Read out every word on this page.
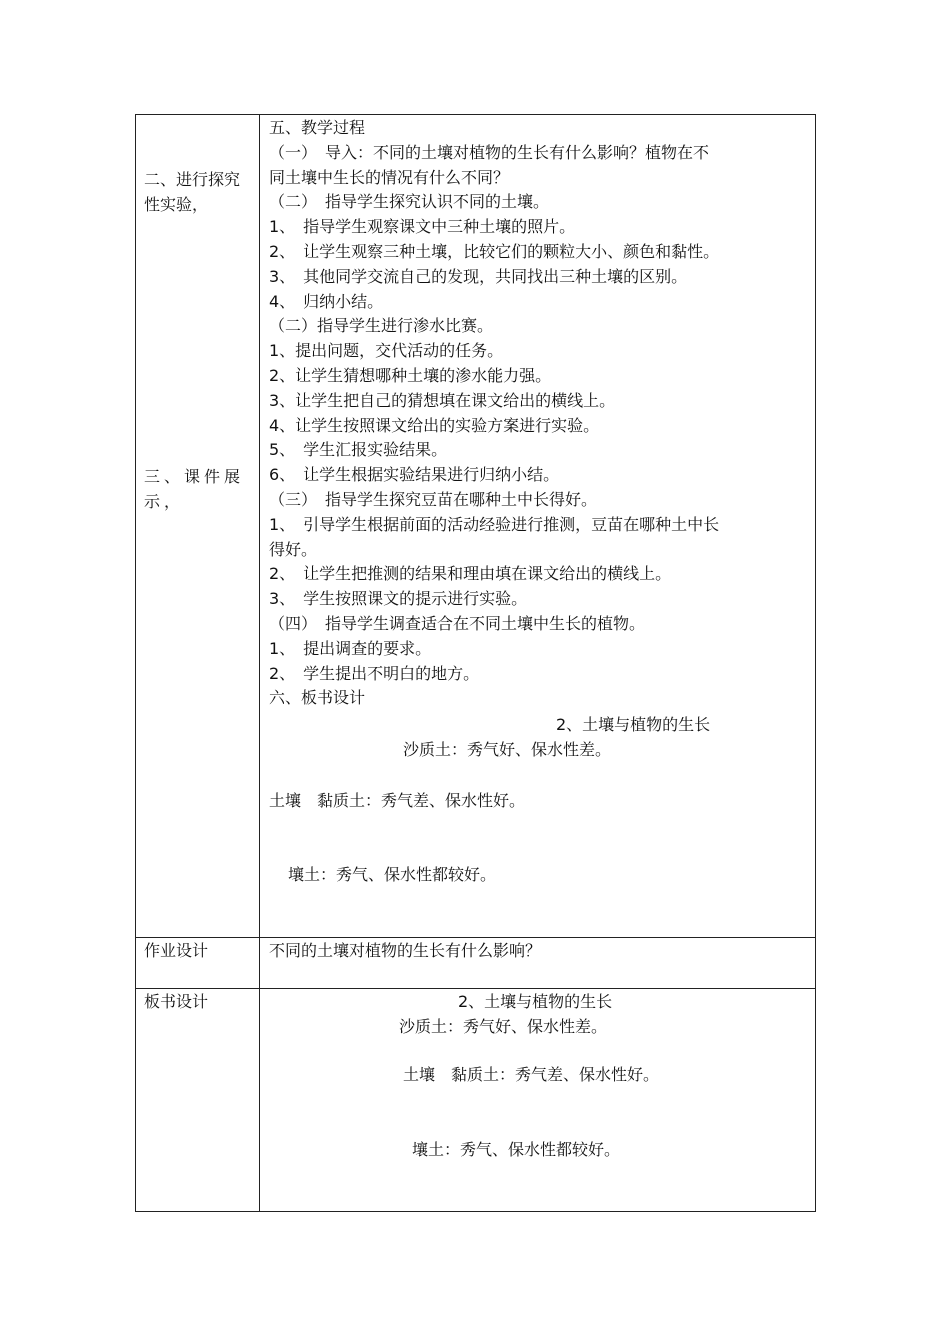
二、进行探究
性实验，
三、课件展
示，
作业设计
板书设计
五、教学过程
（一）　导入：不同的土壤对植物的生长有什么影响？植物在不
同土壤中生长的情况有什么不同？
（二）　指导学生探究认识不同的土壤。
1、　指导学生观察课文中三种土壤的照片。
2、　让学生观察三种土壤，比较它们的颗粒大小、颜色和黏性。
3、　其他同学交流自己的发现，共同找出三种土壤的区别。
4、　归纳小结。
（二）指导学生进行渗水比赛。
1、提出问题，交代活动的任务。
2、让学生猜想哪种土壤的渗水能力强。
3、让学生把自己的猜想填在课文给出的横线上。
4、让学生按照课文给出的实验方案进行实验。
5、　学生汇报实验结果。
6、　让学生根据实验结果进行归纳小结。
（三）　指导学生探究豆苗在哪种土中长得好。
1、　引导学生根据前面的活动经验进行推测，豆苗在哪种土中长
得好。
2、　让学生把推测的结果和理由填在课文给出的横线上。
3、　学生按照课文的提示进行实验。
（四）　指导学生调查适合在不同土壤中生长的植物。
1、　提出调查的要求。
2、　学生提出不明白的地方。
六、板书设计
2、土壤与植物的生长
沙质土：秀气好、保水性差。
土壤　黏质土：秀气差、保水性好。
壤土：秀气、保水性都较好。
不同的土壤对植物的生长有什么影响？
2、土壤与植物的生长
沙质土：秀气好、保水性差。
土壤　黏质土：秀气差、保水性好。
壤土：秀气、保水性都较好。
